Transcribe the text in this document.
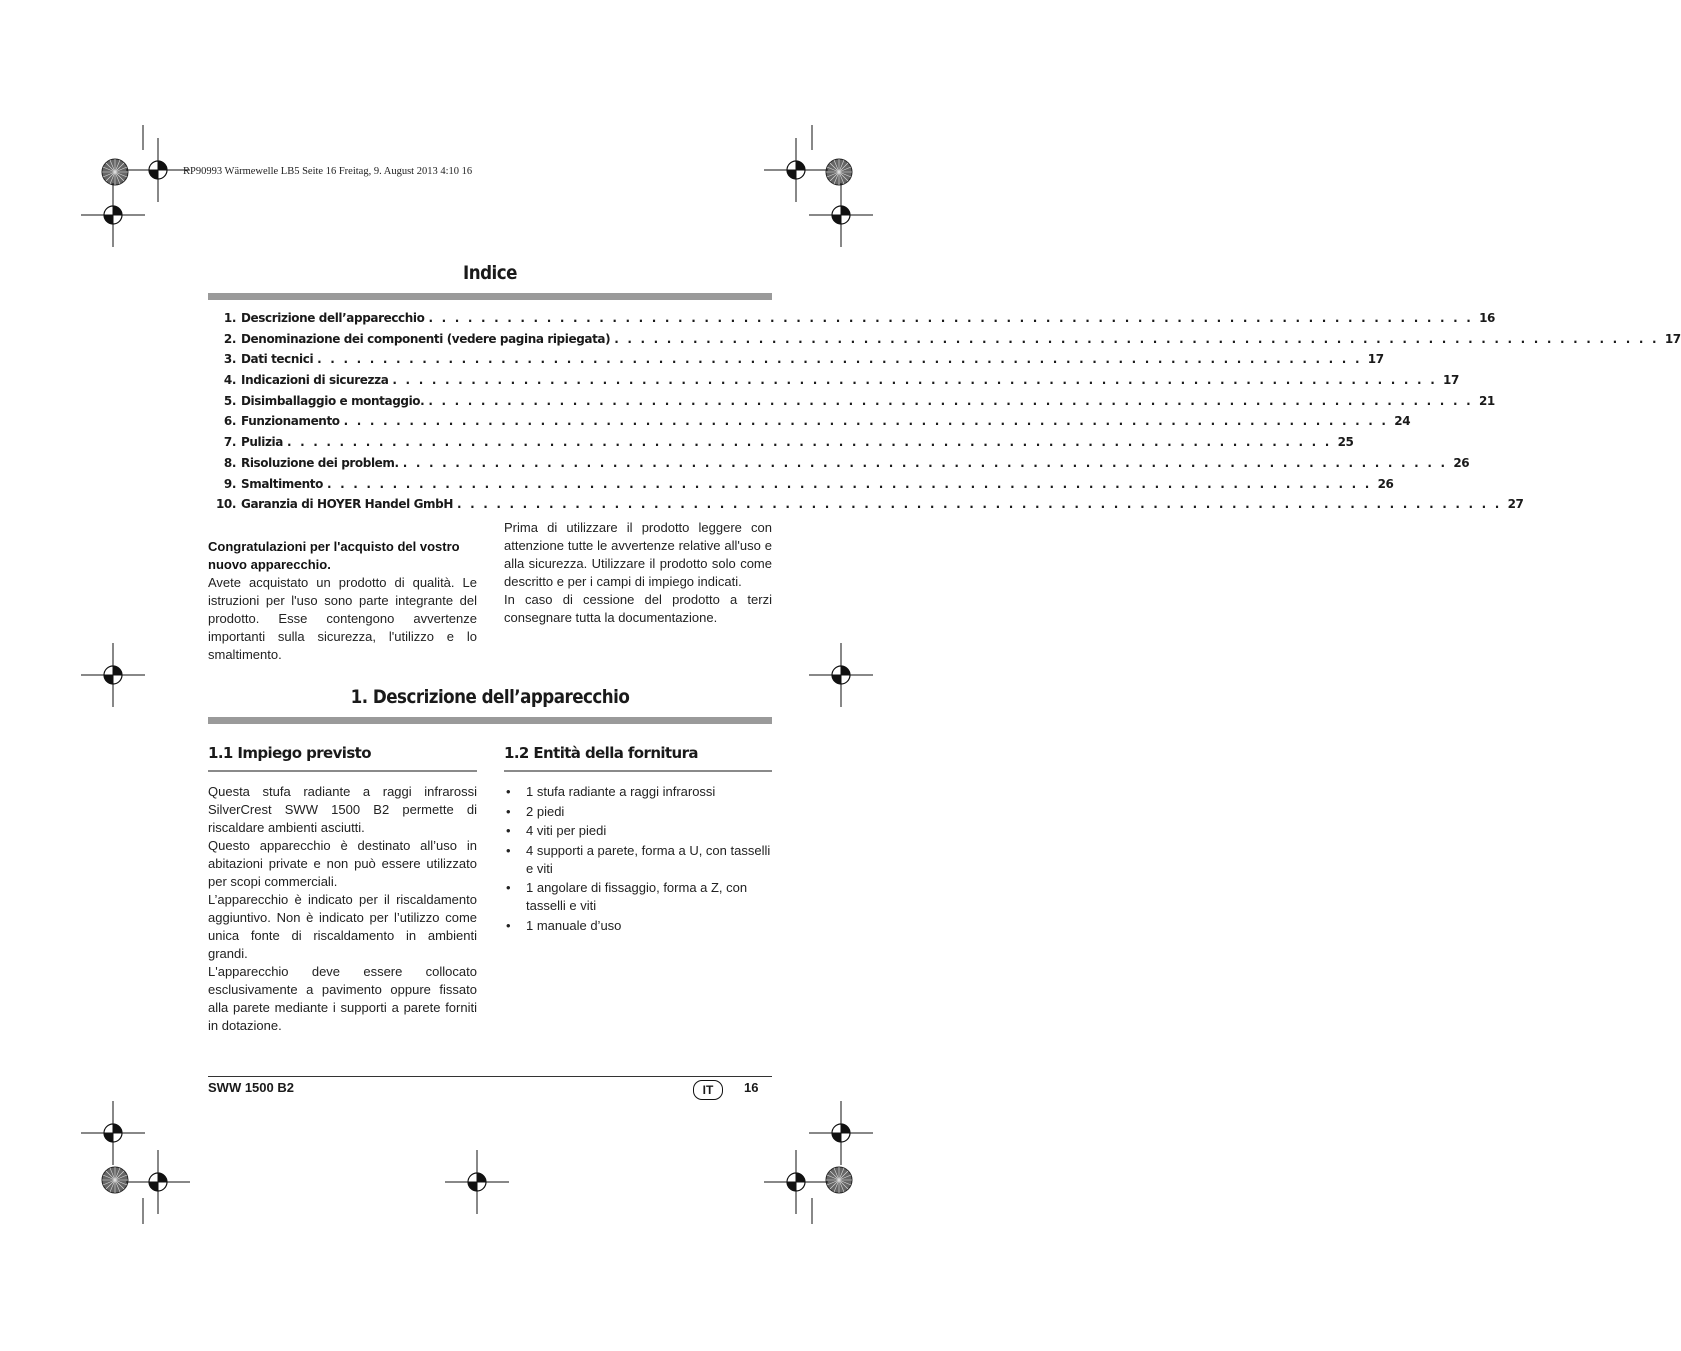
RP90993 Wärmewelle LB5 Seite 16 Freitag, 9. August 2013 4:10 16
Indice
1. Descrizione dell’apparecchio . . . . . . . . . . . . . . . . . . . . . . . . . . . . . . . . . . . . . . . . . . . . . . . . . . . . . . . . . . . . . . . . . . . . . . . . . . . . . . . . 16
2. Denominazione dei componenti (vedere pagina ripiegata) . . . . . . . . . . . . . . . . . . . . . . . . . . . . . . . . . . . . . . . . . . . . . . . . . . . . . . . . . . . . . . . . . . . . . . . . . . . . . . . . 17
3. Dati tecnici . . . . . . . . . . . . . . . . . . . . . . . . . . . . . . . . . . . . . . . . . . . . . . . . . . . . . . . . . . . . . . . . . . . . . . . . . . . . . . . . 17
4. Indicazioni di sicurezza . . . . . . . . . . . . . . . . . . . . . . . . . . . . . . . . . . . . . . . . . . . . . . . . . . . . . . . . . . . . . . . . . . . . . . . . . . . . . . . . 17
5. Disimballaggio e montaggio. . . . . . . . . . . . . . . . . . . . . . . . . . . . . . . . . . . . . . . . . . . . . . . . . . . . . . . . . . . . . . . . . . . . . . . . . . . . . . . . . 21
6. Funzionamento . . . . . . . . . . . . . . . . . . . . . . . . . . . . . . . . . . . . . . . . . . . . . . . . . . . . . . . . . . . . . . . . . . . . . . . . . . . . . . . . 24
7. Pulizia . . . . . . . . . . . . . . . . . . . . . . . . . . . . . . . . . . . . . . . . . . . . . . . . . . . . . . . . . . . . . . . . . . . . . . . . . . . . . . . . 25
8. Risoluzione dei problem. . . . . . . . . . . . . . . . . . . . . . . . . . . . . . . . . . . . . . . . . . . . . . . . . . . . . . . . . . . . . . . . . . . . . . . . . . . . . . . . . 26
9. Smaltimento . . . . . . . . . . . . . . . . . . . . . . . . . . . . . . . . . . . . . . . . . . . . . . . . . . . . . . . . . . . . . . . . . . . . . . . . . . . . . . . . 26
10. Garanzia di HOYER Handel GmbH . . . . . . . . . . . . . . . . . . . . . . . . . . . . . . . . . . . . . . . . . . . . . . . . . . . . . . . . . . . . . . . . . . . . . . . . . . . . . . . . 27
Congratulazioni per l'acquisto del vostro nuovo apparecchio.
Avete acquistato un prodotto di qualità. Le istruzioni per l'uso sono parte integrante del prodotto. Esse contengono avvertenze importanti sulla sicurezza, l'utilizzo e lo smaltimento.
Prima di utilizzare il prodotto leggere con attenzione tutte le avvertenze relative all'uso e alla sicurezza. Utilizzare il prodotto solo come descritto e per i campi di impiego indicati.
In caso di cessione del prodotto a terzi consegnare tutta la documentazione.
1. Descrizione dell’apparecchio
1.1 Impiego previsto
Questa stufa radiante a raggi infrarossi SilverCrest SWW 1500 B2 permette di riscaldare ambienti asciutti.
Questo apparecchio è destinato all’uso in abitazioni private e non può essere utilizzato per scopi commerciali.
L’apparecchio è indicato per il riscaldamento aggiuntivo. Non è indicato per l’utilizzo come unica fonte di riscaldamento in ambienti grandi.
L'apparecchio deve essere collocato esclusivamente a pavimento oppure fissato alla parete mediante i supporti a parete forniti in dotazione.
1.2 Entità della fornitura
• 1 stufa radiante a raggi infrarossi
• 2 piedi
• 4 viti per piedi
• 4 supporti a parete, forma a U, con tasselli e viti
• 1 angolare di fissaggio, forma a Z, con tasselli e viti
• 1 manuale d’uso
SWW 1500 B2	IT	16
